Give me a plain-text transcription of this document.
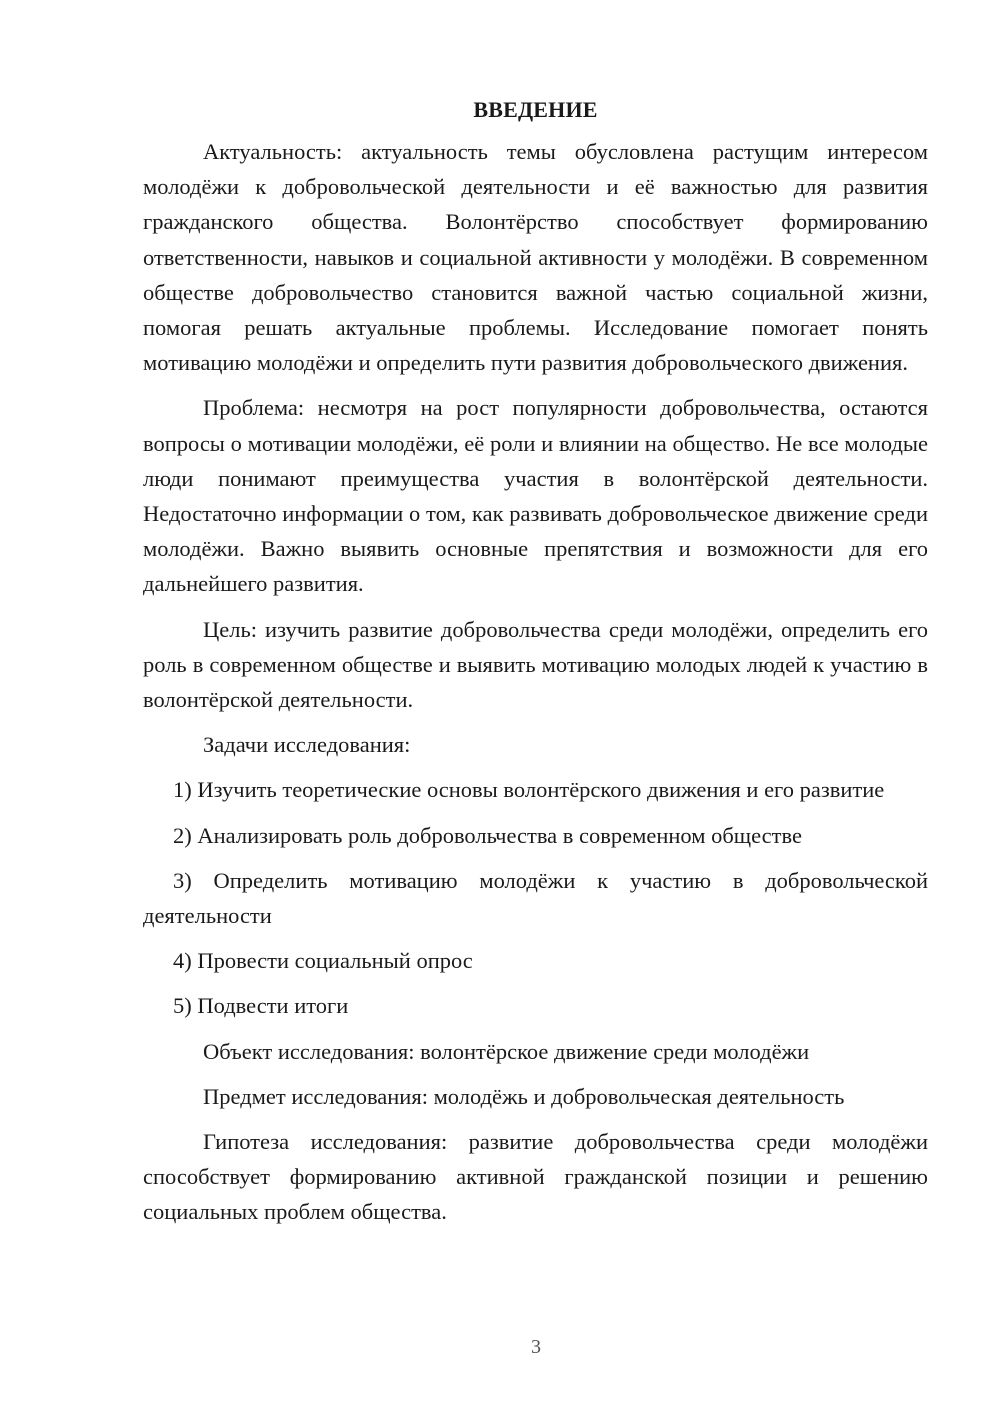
ВВЕДЕНИЕ

Актуальность: актуальность темы обусловлена растущим интересом молодёжи к добровольческой деятельности и её важностью для развития гражданского общества. Волонтёрство способствует формированию ответственности, навыков и социальной активности у молодёжи. В современном обществе добровольчество становится важной частью социальной жизни, помогая решать актуальные проблемы. Исследование помогает понять мотивацию молодёжи и определить пути развития добровольческого движения.

Проблема: несмотря на рост популярности добровольчества, остаются вопросы о мотивации молодёжи, её роли и влиянии на общество. Не все молодые люди понимают преимущества участия в волонтёрской деятельности. Недостаточно информации о том, как развивать добровольческое движение среди молодёжи. Важно выявить основные препятствия и возможности для его дальнейшего развития.

Цель: изучить развитие добровольчества среди молодёжи, определить его роль в современном обществе и выявить мотивацию молодых людей к участию в волонтёрской деятельности.

Задачи исследования:

1) Изучить теоретические основы волонтёрского движения и его развитие

2) Анализировать роль добровольчества в современном обществе

3) Определить мотивацию молодёжи к участию в добровольческой деятельности

4) Провести социальный опрос

5) Подвести итоги

Объект исследования: волонтёрское движение среди молодёжи

Предмет исследования: молодёжь и добровольческая деятельность

Гипотеза исследования: развитие добровольчества среди молодёжи способствует формированию активной гражданской позиции и решению социальных проблем общества.

3
